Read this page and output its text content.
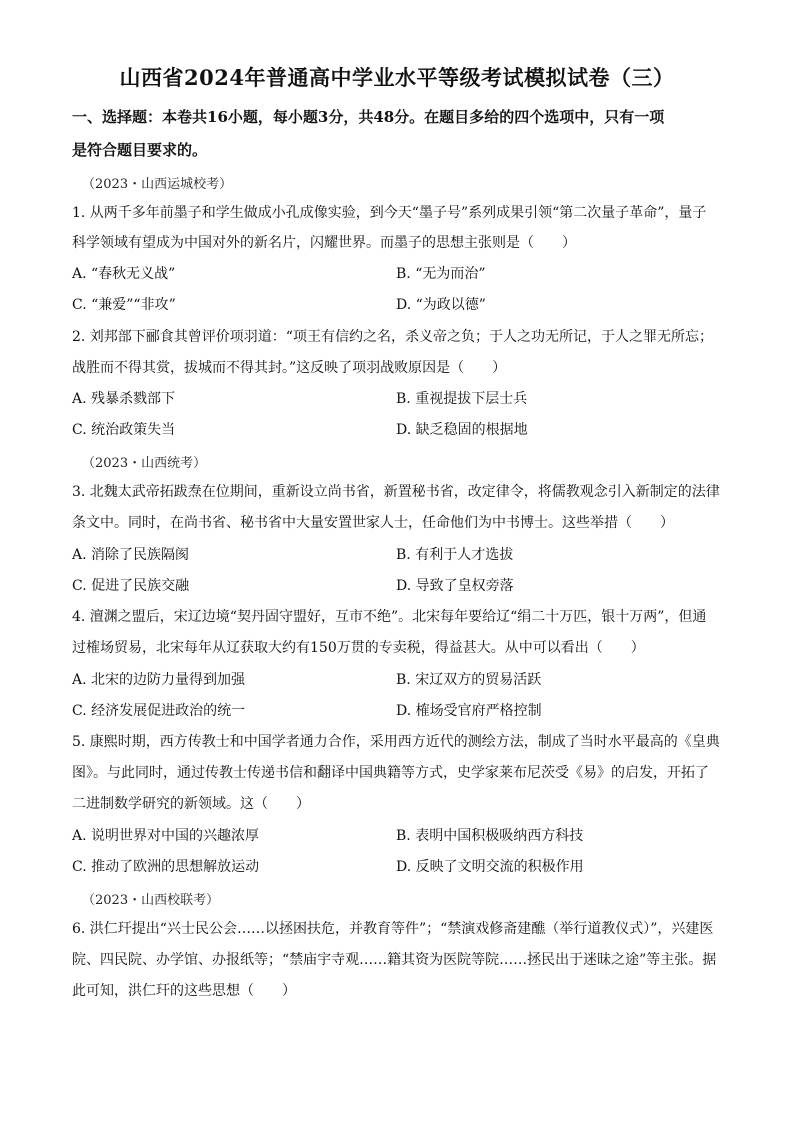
山西省2024年普通高中学业水平等级考试模拟试卷（三）
一、选择题：本卷共16小题，每小题3分，共48分。在题目多给的四个选项中，只有一项
是符合题目要求的。
（2023・山西运城校考）
1. 从两千多年前墨子和学生做成小孔成像实验，到今天“墨子号”系列成果引领“第二次量子革命”，量子
科学领域有望成为中国对外的新名片，闪耀世界。而墨子的思想主张则是（　　）
A. “春秋无义战”	B. “无为而治”
C. “兼爱”“非攻”	D. “为政以德”
2. 刘邦部下郦食其曾评价项羽道：“项王有信约之名，杀义帝之负；于人之功无所记，于人之罪无所忘；
战胜而不得其赏，拔城而不得其封。”这反映了项羽战败原因是（　　）
A. 残暴杀戮部下	B. 重视提拔下层士兵
C. 统治政策失当	D. 缺乏稳固的根据地
（2023・山西统考）
3. 北魏太武帝拓跋焘在位期间，重新设立尚书省，新置秘书省，改定律令，将儒教观念引入新制定的法律
条文中。同时，在尚书省、秘书省中大量安置世家人士，任命他们为中书博士。这些举措（　　）
A. 消除了民族隔阂	B. 有利于人才选拔
C. 促进了民族交融	D. 导致了皇权旁落
4. 澶渊之盟后，宋辽边境“契丹固守盟好，互市不绝”。北宋每年要给辽“绢二十万匹，银十万两”，但通
过榷场贸易，北宋每年从辽获取大约有150万贯的专卖税，得益甚大。从中可以看出（　　）
A. 北宋的边防力量得到加强	B. 宋辽双方的贸易活跃
C. 经济发展促进政治的统一	D. 榷场受官府严格控制
5. 康熙时期，西方传教士和中国学者通力合作，采用西方近代的测绘方法，制成了当时水平最高的《皇典
图》。与此同时，通过传教士传递书信和翻译中国典籍等方式，史学家莱布尼茨受《易》的启发，开拓了
二进制数学研究的新领域。这（　　）
A. 说明世界对中国的兴趣浓厚	B. 表明中国积极吸纳西方科技
C. 推动了欧洲的思想解放运动	D. 反映了文明交流的积极作用
（2023・山西校联考）
6. 洪仁玕提出“兴士民公会……以拯困扶危，并教育等件”；“禁演戏修斋建醮（举行道教仪式）”，兴建医
院、四民院、办学馆、办报纸等；“禁庙宇寺观……籍其资为医院等院……拯民出于迷昧之途”等主张。据
此可知，洪仁玕的这些思想（　　）
